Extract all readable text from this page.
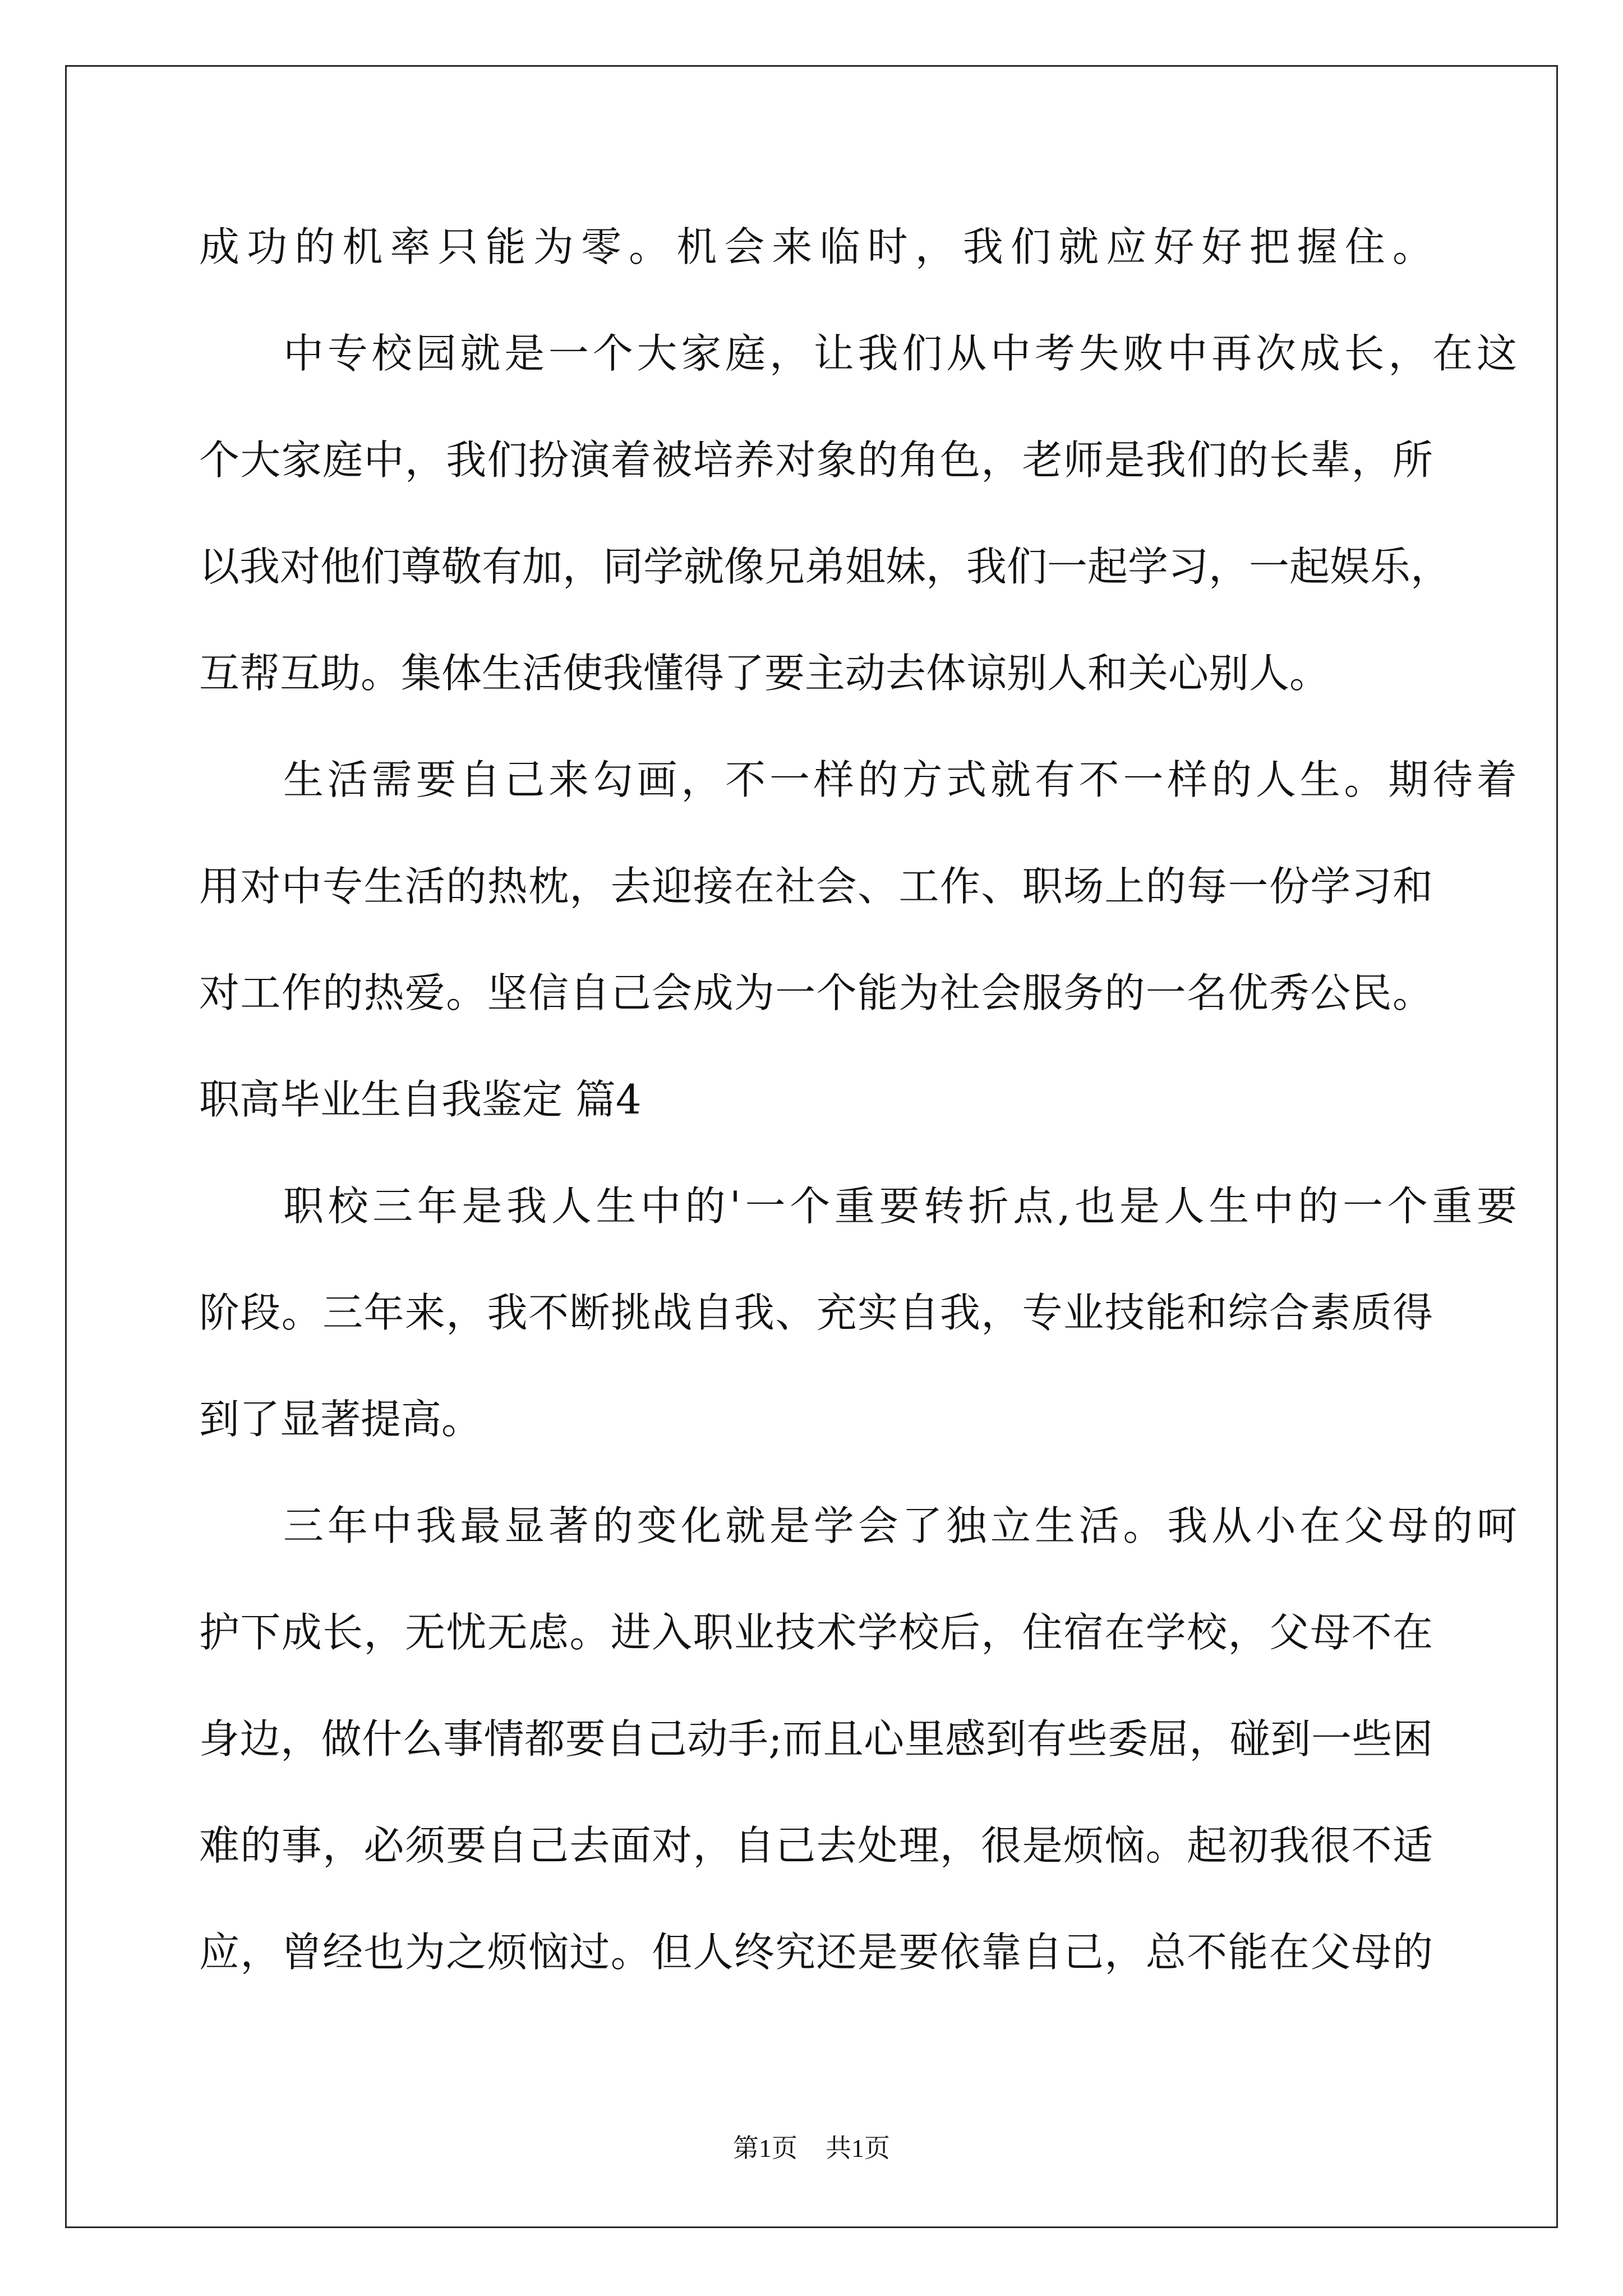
成功的机率只能为零。机会来临时，我们就应好好把握住。
中专校园就是一个大家庭，让我们从中考失败中再次成长，在这
个大家庭中，我们扮演着被培养对象的角色，老师是我们的长辈，所
以我对他们尊敬有加，同学就像兄弟姐妹，我们一起学习，一起娱乐，
互帮互助。集体生活使我懂得了要主动去体谅别人和关心别人。
生活需要自己来勾画，不一样的方式就有不一样的人生。期待着
用对中专生活的热枕，去迎接在社会、工作、职场上的每一份学习和
对工作的热爱。坚信自己会成为一个能为社会服务的一名优秀公民。
职高毕业生自我鉴定 篇4
职校三年是我人生中的'一个重要转折点,也是人生中的一个重要
阶段。三年来，我不断挑战自我、充实自我，专业技能和综合素质得
到了显著提高。
三年中我最显著的变化就是学会了独立生活。我从小在父母的呵
护下成长，无忧无虑。进入职业技术学校后，住宿在学校，父母不在
身边，做什么事情都要自己动手;而且心里感到有些委屈，碰到一些困
难的事，必须要自己去面对，自己去处理，很是烦恼。起初我很不适
应，曾经也为之烦恼过。但人终究还是要依靠自己，总不能在父母的
第1页 共1页
